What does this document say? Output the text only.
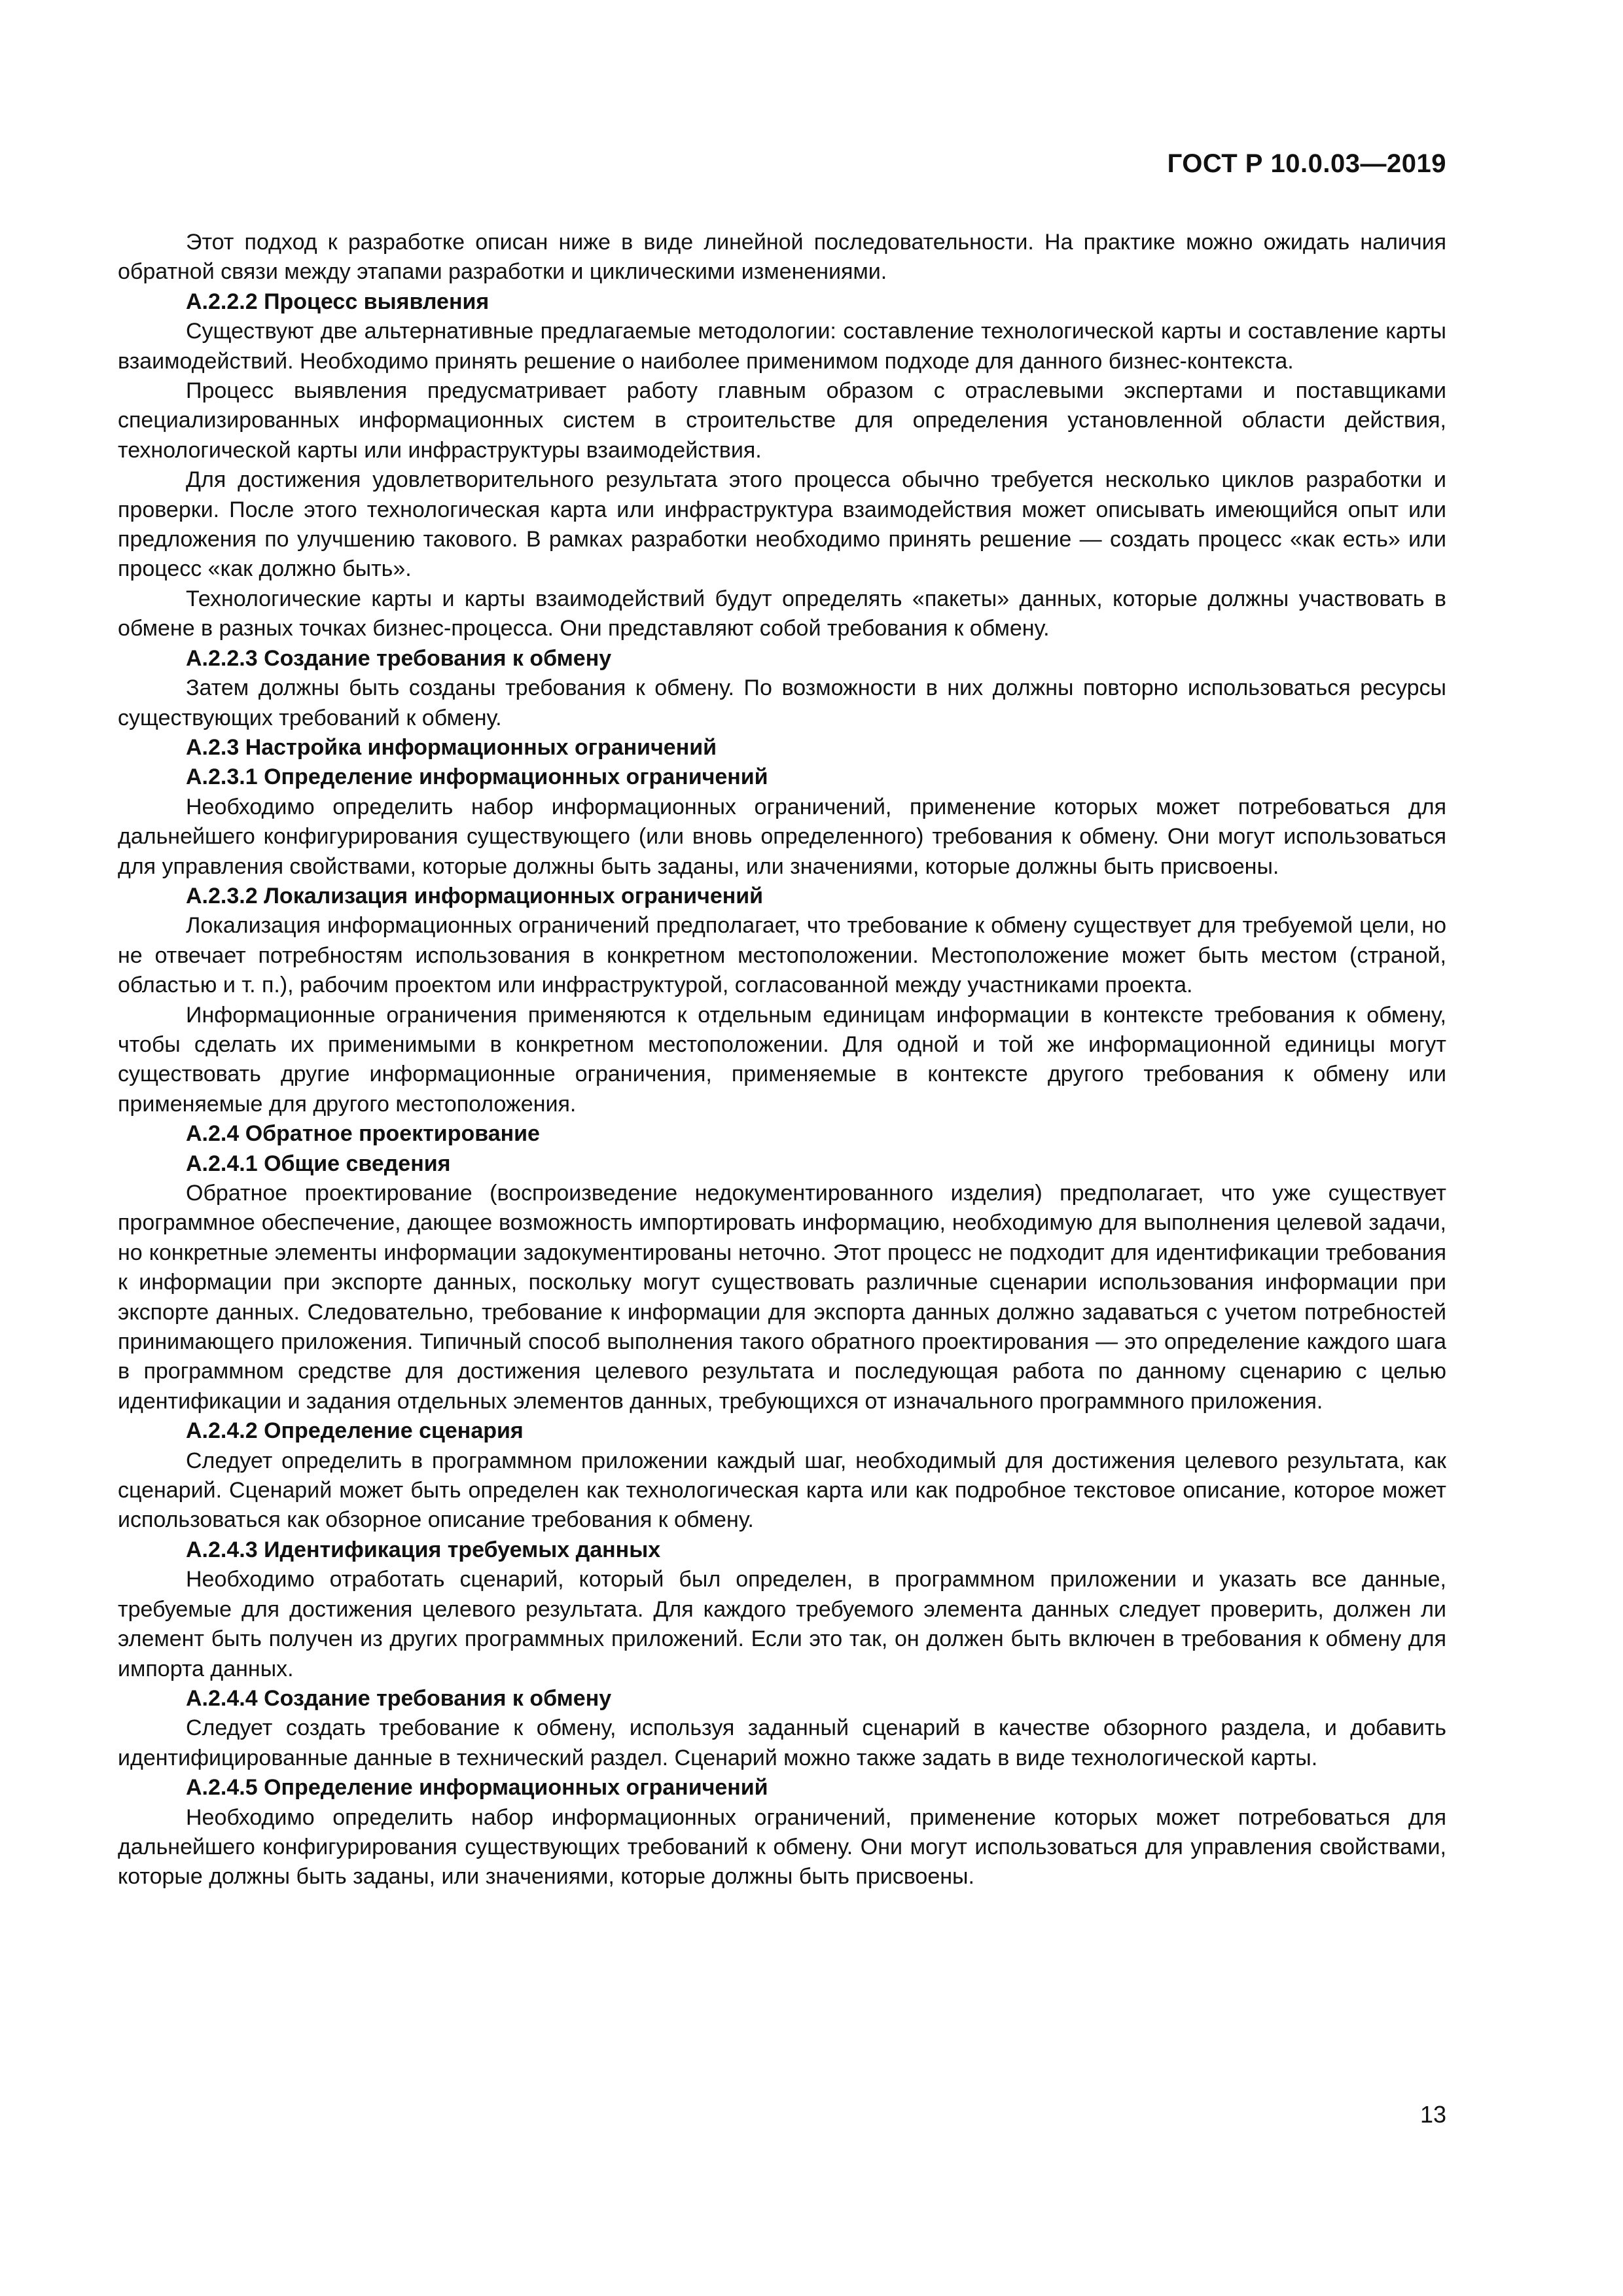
ГОСТ Р 10.0.03—2019

Этот подход к разработке описан ниже в виде линейной последовательности. На практике можно ожидать наличия обратной связи между этапами разработки и циклическими изменениями.

А.2.2.2 Процесс выявления

Существуют две альтернативные предлагаемые методологии: составление технологической карты и составление карты взаимодействий. Необходимо принять решение о наиболее применимом подходе для данного бизнес-контекста.

Процесс выявления предусматривает работу главным образом с отраслевыми экспертами и поставщиками специализированных информационных систем в строительстве для определения установленной области действия, технологической карты или инфраструктуры взаимодействия.

Для достижения удовлетворительного результата этого процесса обычно требуется несколько циклов разработки и проверки. После этого технологическая карта или инфраструктура взаимодействия может описывать имеющийся опыт или предложения по улучшению такового. В рамках разработки необходимо принять решение — создать процесс «как есть» или процесс «как должно быть».

Технологические карты и карты взаимодействий будут определять «пакеты» данных, которые должны участвовать в обмене в разных точках бизнес-процесса. Они представляют собой требования к обмену.

А.2.2.3 Создание требования к обмену

Затем должны быть созданы требования к обмену. По возможности в них должны повторно использоваться ресурсы существующих требований к обмену.

А.2.3 Настройка информационных ограничений

А.2.3.1 Определение информационных ограничений

Необходимо определить набор информационных ограничений, применение которых может потребоваться для дальнейшего конфигурирования существующего (или вновь определенного) требования к обмену. Они могут использоваться для управления свойствами, которые должны быть заданы, или значениями, которые должны быть присвоены.

А.2.3.2 Локализация информационных ограничений

Локализация информационных ограничений предполагает, что требование к обмену существует для требуемой цели, но не отвечает потребностям использования в конкретном местоположении. Местоположение может быть местом (страной, областью и т. п.), рабочим проектом или инфраструктурой, согласованной между участниками проекта.

Информационные ограничения применяются к отдельным единицам информации в контексте требования к обмену, чтобы сделать их применимыми в конкретном местоположении. Для одной и той же информационной единицы могут существовать другие информационные ограничения, применяемые в контексте другого требования к обмену или применяемые для другого местоположения.

А.2.4 Обратное проектирование

А.2.4.1 Общие сведения

Обратное проектирование (воспроизведение недокументированного изделия) предполагает, что уже существует программное обеспечение, дающее возможность импортировать информацию, необходимую для выполнения целевой задачи, но конкретные элементы информации задокументированы неточно. Этот процесс не подходит для идентификации требования к информации при экспорте данных, поскольку могут существовать различные сценарии использования информации при экспорте данных. Следовательно, требование к информации для экспорта данных должно задаваться с учетом потребностей принимающего приложения. Типичный способ выполнения такого обратного проектирования — это определение каждого шага в программном средстве для достижения целевого результата и последующая работа по данному сценарию с целью идентификации и задания отдельных элементов данных, требующихся от изначального программного приложения.

А.2.4.2 Определение сценария

Следует определить в программном приложении каждый шаг, необходимый для достижения целевого результата, как сценарий. Сценарий может быть определен как технологическая карта или как подробное текстовое описание, которое может использоваться как обзорное описание требования к обмену.

А.2.4.3 Идентификация требуемых данных

Необходимо отработать сценарий, который был определен, в программном приложении и указать все данные, требуемые для достижения целевого результата. Для каждого требуемого элемента данных следует проверить, должен ли элемент быть получен из других программных приложений. Если это так, он должен быть включен в требования к обмену для импорта данных.

А.2.4.4 Создание требования к обмену

Следует создать требование к обмену, используя заданный сценарий в качестве обзорного раздела, и добавить идентифицированные данные в технический раздел. Сценарий можно также задать в виде технологической карты.

А.2.4.5 Определение информационных ограничений

Необходимо определить набор информационных ограничений, применение которых может потребоваться для дальнейшего конфигурирования существующих требований к обмену. Они могут использоваться для управления свойствами, которые должны быть заданы, или значениями, которые должны быть присвоены.

13
